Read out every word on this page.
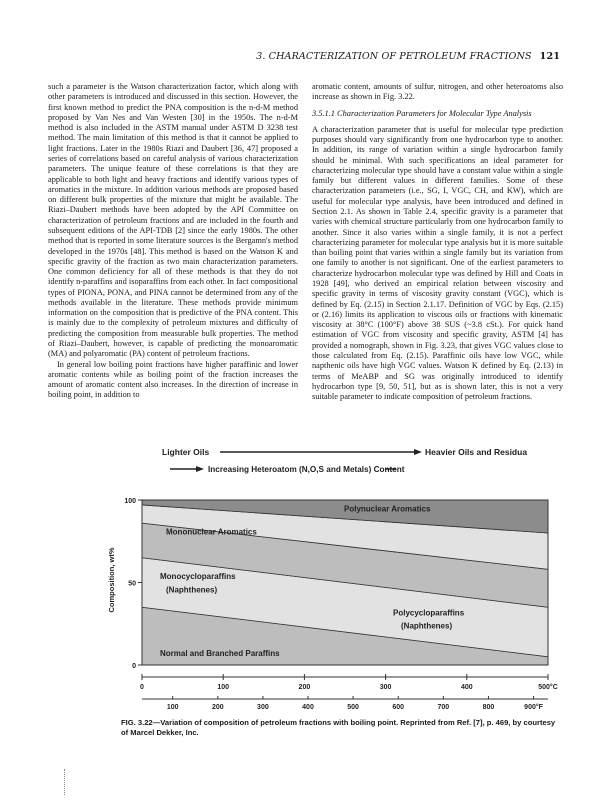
3. CHARACTERIZATION OF PETROLEUM FRACTIONS 121

such a parameter is the Watson characterization factor, which along with other parameters is introduced and discussed in this section. However, the first known method to predict the PNA composition is the n-d-M method proposed by Van Nes and Van Westen [30] in the 1950s. The n-d-M method is also included in the ASTM manual under ASTM D 3238 test method. The main limitation of this method is that it cannot be applied to light fractions. Later in the 1980s Riazi and Daubert [36, 47] proposed a series of correlations based on careful analysis of various characterization parameters. The unique feature of these correlations is that they are applicable to both light and heavy fractions and identify various types of aromatics in the mixture. In addition various methods are proposed based on different bulk properties of the mixture that might be available. The Riazi–Daubert methods have been adopted by the API Committee on characterization of petroleum fractions and are included in the fourth and subsequent editions of the API-TDB [2] since the early 1980s. The other method that is reported in some literature sources is the Bergamn's method developed in the 1970s [48]. This method is based on the Watson K and specific gravity of the fraction as two main characterization parameters. One common deficiency for all of these methods is that they do not identify n-paraffins and isoparaffins from each other. In fact compositional types of PIONA, PONA, and PINA cannot be determined from any of the methods available in the literature. These methods provide minimum information on the composition that is predictive of the PNA content. This is mainly due to the complexity of petroleum mixtures and difficulty of predicting the composition from measurable bulk properties. The method of Riazi–Daubert, however, is capable of predicting the monoaromatic (MA) and polyaromatic (PA) content of petroleum fractions.

In general low boiling point fractions have higher paraffinic and lower aromatic contents while as boiling point of the fraction increases the amount of aromatic content also increases. In the direction of increase in boiling point, in addition to

aromatic content, amounts of sulfur, nitrogen, and other heteroatoms also increase as shown in Fig. 3.22.

3.5.1.1 Characterization Parameters for Molecular Type Analysis

A characterization parameter that is useful for molecular type prediction purposes should vary significantly from one hydrocarbon type to another. In addition, its range of variation within a single hydrocarbon family should be minimal. With such specifications an ideal parameter for characterizing molecular type should have a constant value within a single family but different values in different families. Some of these characterization parameters (i.e., SG, I, VGC, CH, and KW), which are useful for molecular type analysis, have been introduced and defined in Section 2.1. As shown in Table 2.4, specific gravity is a parameter that varies with chemical structure particularly from one hydrocarbon family to another. Since it also varies within a single family, it is not a perfect characterizing parameter for molecular type analysis but it is more suitable than boiling point that varies within a single family but its variation from one family to another is not significant. One of the earliest parameters to characterize hydrocarbon molecular type was defined by Hill and Coats in 1928 [49], who derived an empirical relation between viscosity and specific gravity in terms of viscosity gravity constant (VGC), which is defined by Eq. (2.15) in Section 2.1.17. Definition of VGC by Eqs. (2.15) or (2.16) limits its application to viscous oils or fractions with kinematic viscosity at 38°C (100°F) above 38 SUS (~3.8 cSt.). For quick hand estimation of VGC from viscosity and specific gravity, ASTM [4] has provided a nomograph, shown in Fig. 3.23, that gives VGC values close to those calculated from Eq. (2.15). Paraffinic oils have low VGC, while napthenic oils have high VGC values. Watson K defined by Eq. (2.13) in terms of MeABP and SG was originally introduced to identify hydrocarbon type [9, 50, 51], but as is shown later, this is not a very suitable parameter to indicate composition of petroleum fractions.

Lighter Oils	Heavier Oils and Residua
Increasing Heteroatom (N,O,S and Metals) Content
0
50
100
Composition, wt%
0	100	200	300	400	500°C
100	200	300	400	500	600	700	800	900°F
Normal and Branched Paraffins
Monocycloparaffins
(Naphthenes)
Polycycloparaffins
(Naphthenes)
Mononuclear Aromatics
Polynuclear Aromatics
FIG. 3.22—Variation of composition of petroleum fractions with boiling point. Reprinted from Ref. [7], p. 469, by courtesy of Marcel Dekker, Inc.
